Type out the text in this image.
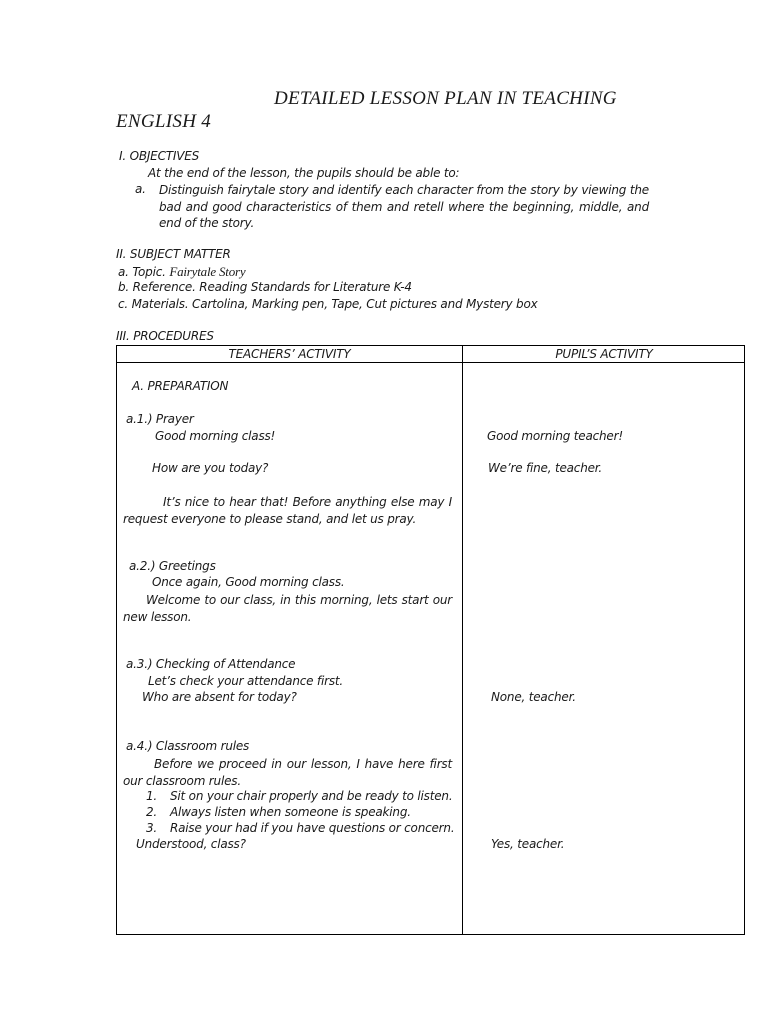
DETAILED LESSON PLAN IN TEACHING
ENGLISH 4
I. OBJECTIVES
At the end of the lesson, the pupils should be able to:
a. Distinguish fairytale story and identify each character from the story by viewing the bad and good characteristics of them and retell where the beginning, middle, and end of the story.
II. SUBJECT MATTER
a. Topic. Fairytale Story
b. Reference. Reading Standards for Literature K-4
c. Materials. Cartolina, Marking pen, Tape, Cut pictures and Mystery box
III. PROCEDURES
TEACHERS’ ACTIVITY	PUPIL’S ACTIVITY
A. PREPARATION
a.1.) Prayer
Good morning class!
How are you today?
It’s nice to hear that! Before anything else may I request everyone to please stand, and let us pray.
a.2.) Greetings
Once again, Good morning class.
Welcome to our class, in this morning, lets start our new lesson.
a.3.) Checking of Attendance
Let’s check your attendance first.
Who are absent for today?
a.4.) Classroom rules
Before we proceed in our lesson, I have here first our classroom rules.
1. Sit on your chair properly and be ready to listen.
2. Always listen when someone is speaking.
3. Raise your had if you have questions or concern.
Understood, class?
Good morning teacher!
We’re fine, teacher.
None, teacher.
Yes, teacher.
